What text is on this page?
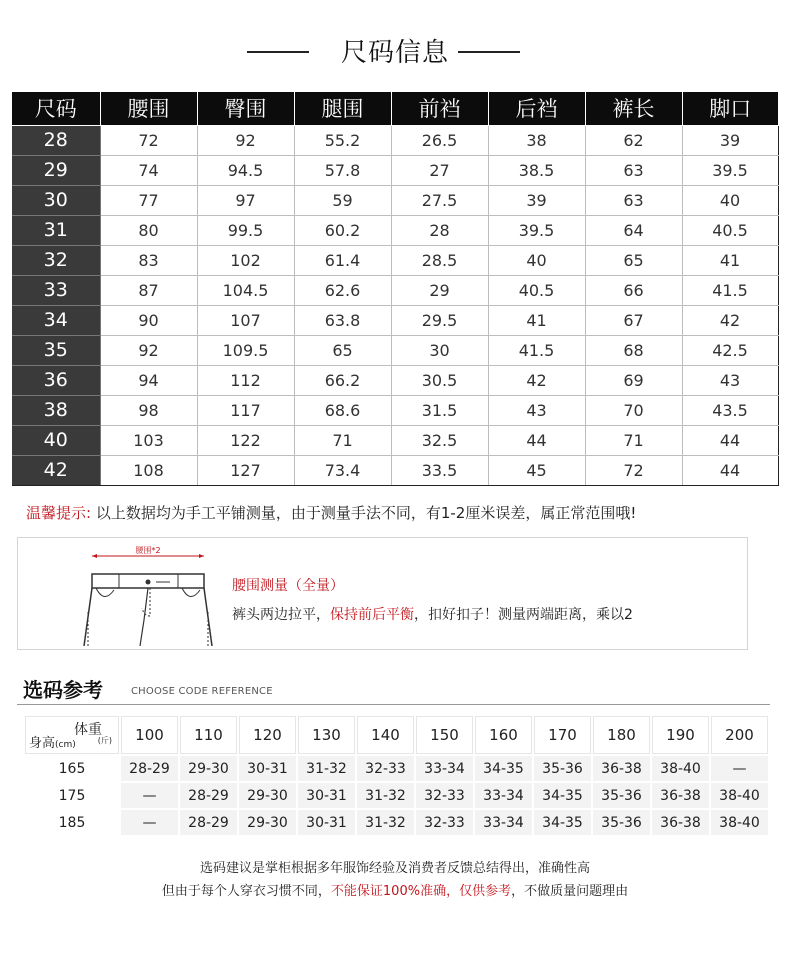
尺码信息
尺码	腰围	臀围	腿围	前裆	后裆	裤长	脚口
28	72	92	55.2	26.5	38	62	39
29	74	94.5	57.8	27	38.5	63	39.5
30	77	97	59	27.5	39	63	40
31	80	99.5	60.2	28	39.5	64	40.5
32	83	102	61.4	28.5	40	65	41
33	87	104.5	62.6	29	40.5	66	41.5
34	90	107	63.8	29.5	41	67	42
35	92	109.5	65	30	41.5	68	42.5
36	94	112	66.2	30.5	42	69	43
38	98	117	68.6	31.5	43	70	43.5
40	103	122	71	32.5	44	71	44
42	108	127	73.4	33.5	45	72	44
温馨提示: 以上数据均为手工平铺测量，由于测量手法不同，有1-2厘米误差，属正常范围哦!
腰围*2
腰围测量（全量）
裤头两边拉平，保持前后平衡，扣好扣子！测量两端距离，乘以2
选码参考	CHOOSE CODE REFERENCE
体重
(斤)
身高(cm)	100	110	120	130	140	150	160	170	180	190	200
165	28-29	29-30	30-31	31-32	32-33	33-34	34-35	35-36	36-38	38-40	—
175	—	28-29	29-30	30-31	31-32	32-33	33-34	34-35	35-36	36-38	38-40
185	—	28-29	29-30	30-31	31-32	32-33	33-34	34-35	35-36	36-38	38-40
选码建议是掌柜根据多年服饰经验及消费者反馈总结得出，准确性高
但由于每个人穿衣习惯不同，不能保证100%准确，仅供参考，不做质量问题理由
